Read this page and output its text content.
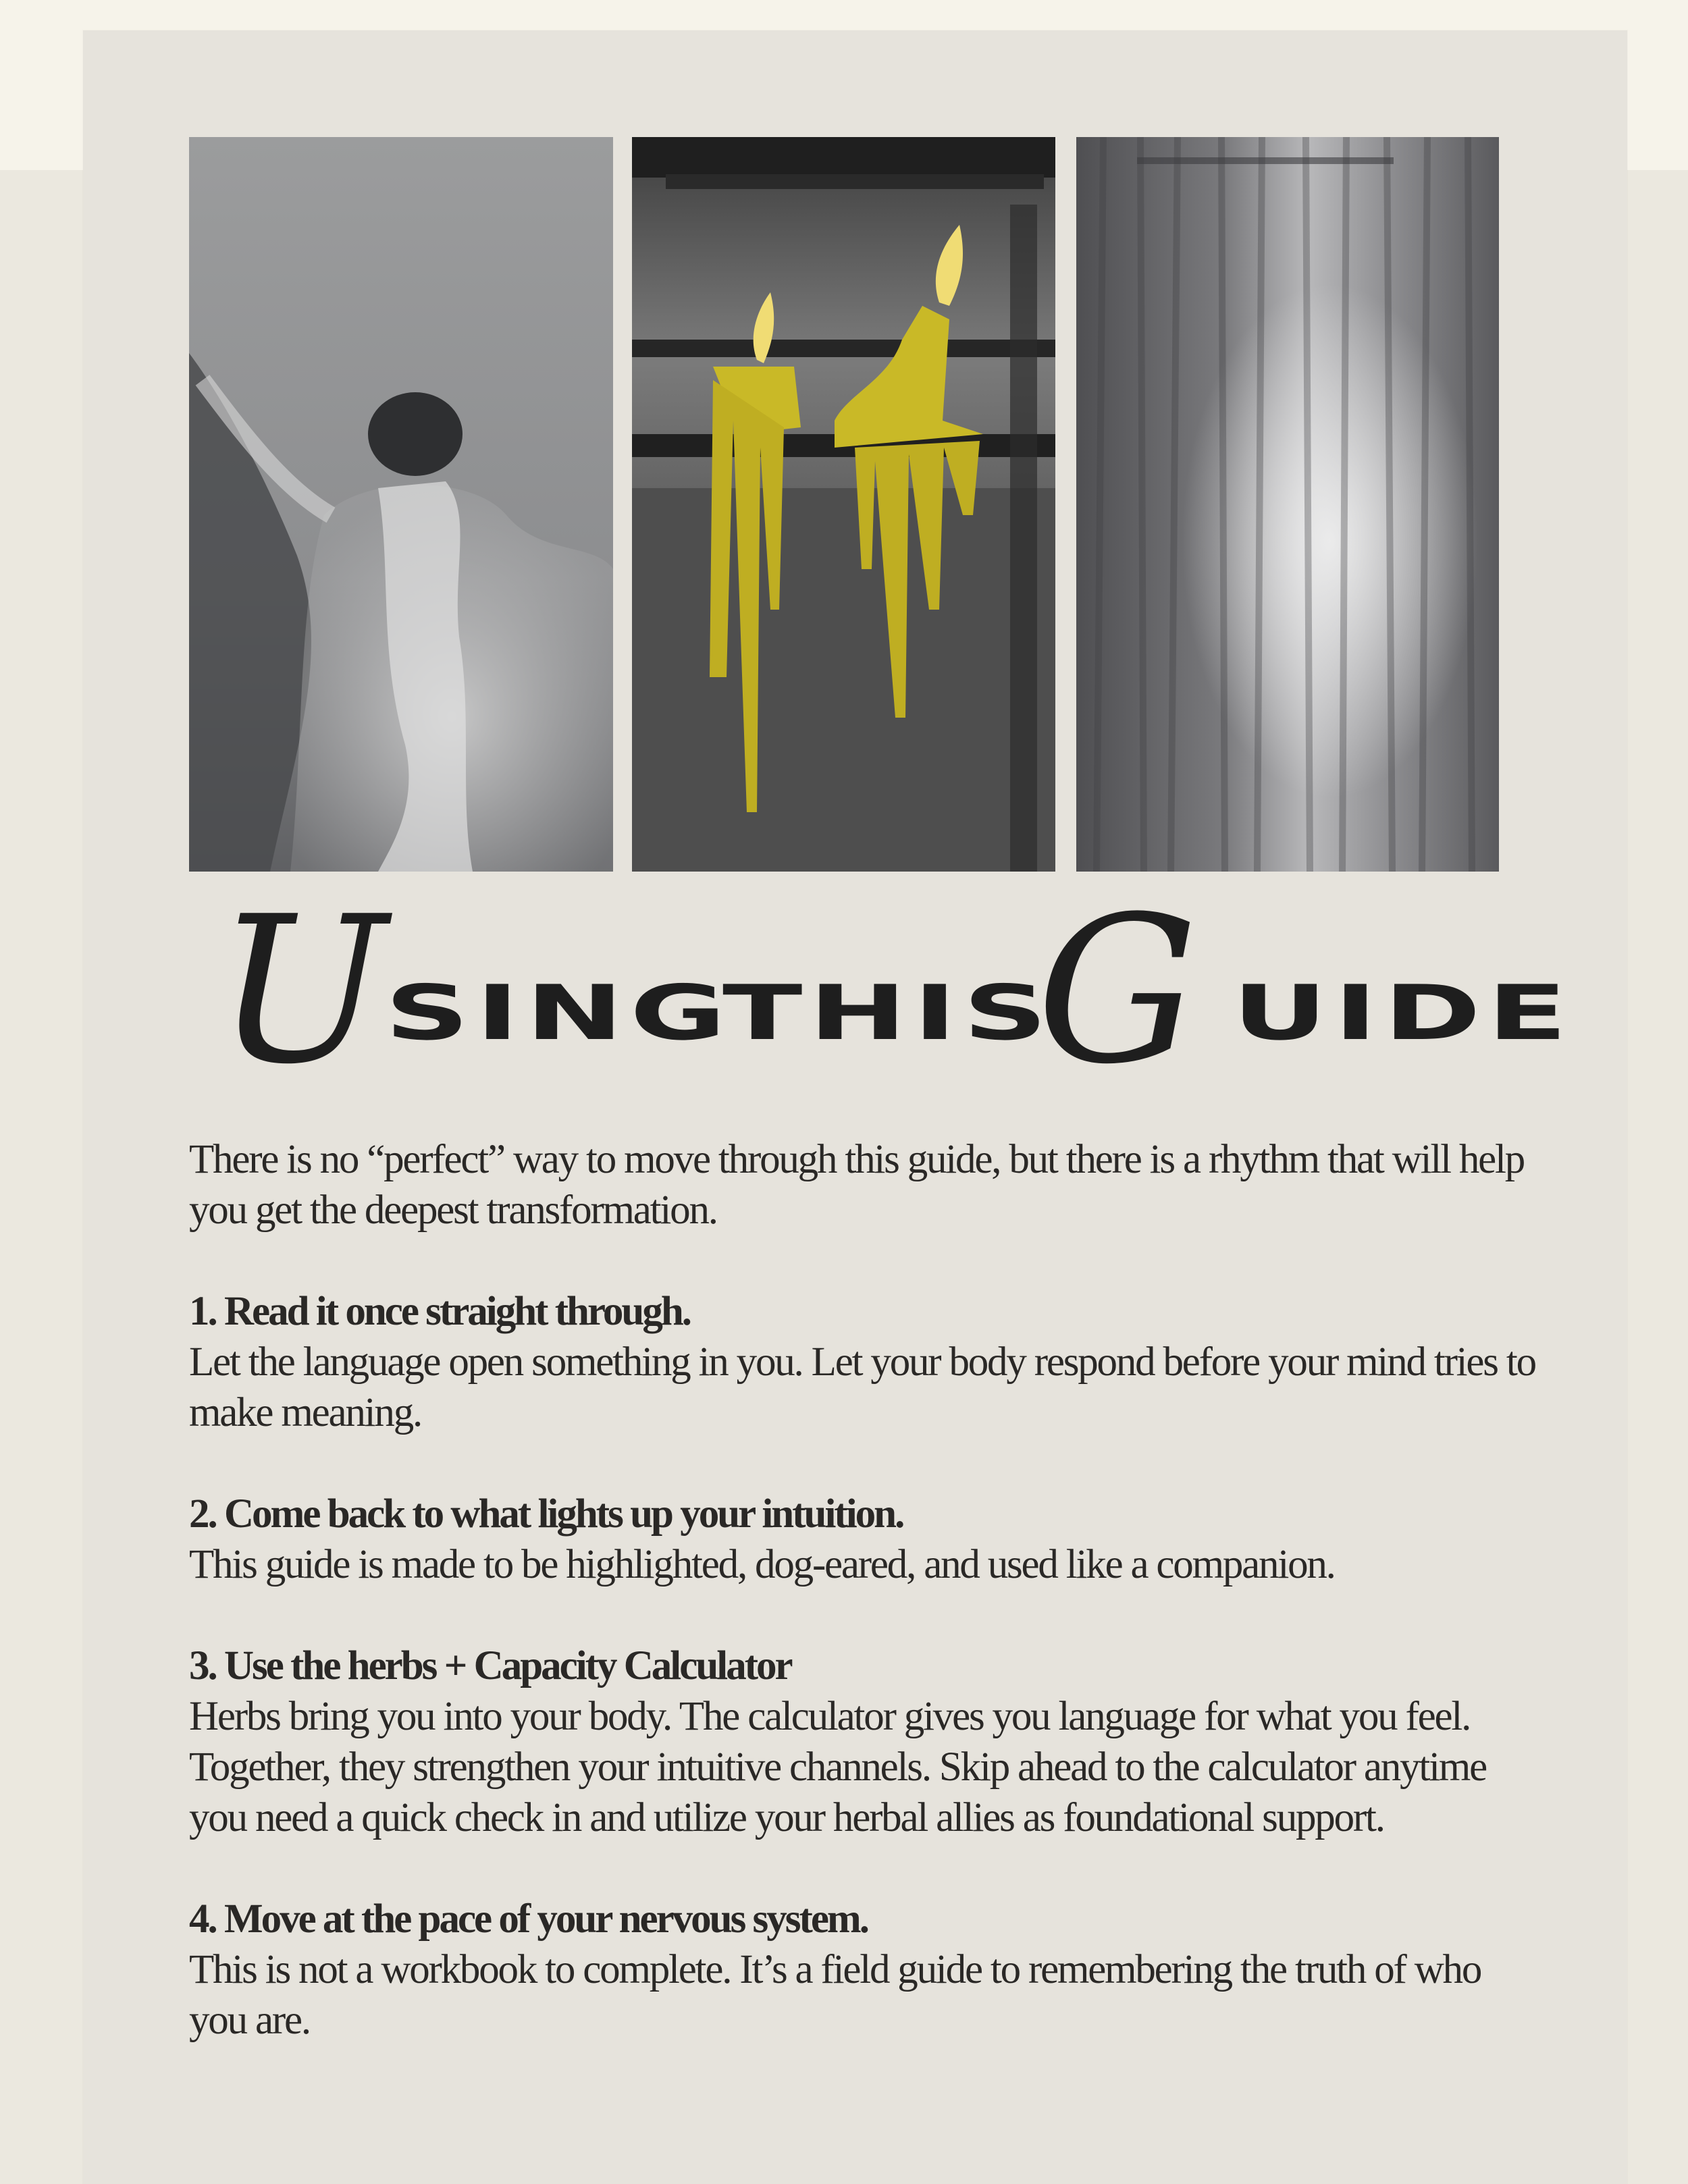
U
SING
THIS
G UIDE

There is no “perfect” way to move through this guide, but there is a rhythm that will help you get the deepest transformation.

1. Read it once straight through.

Let the language open something in you. Let your body respond before your mind tries to make meaning.

2. Come back to what lights up your intuition.

This guide is made to be highlighted, dog-eared, and used like a companion.

3. Use the herbs + Capacity Calculator

Herbs bring you into your body. The calculator gives you language for what you feel. Together, they strengthen your intuitive channels. Skip ahead to the calculator anytime you need a quick check in and utilize your herbal allies as foundational support.

4. Move at the pace of your nervous system.

This is not a workbook to complete. It’s a field guide to remembering the truth of who you are.
